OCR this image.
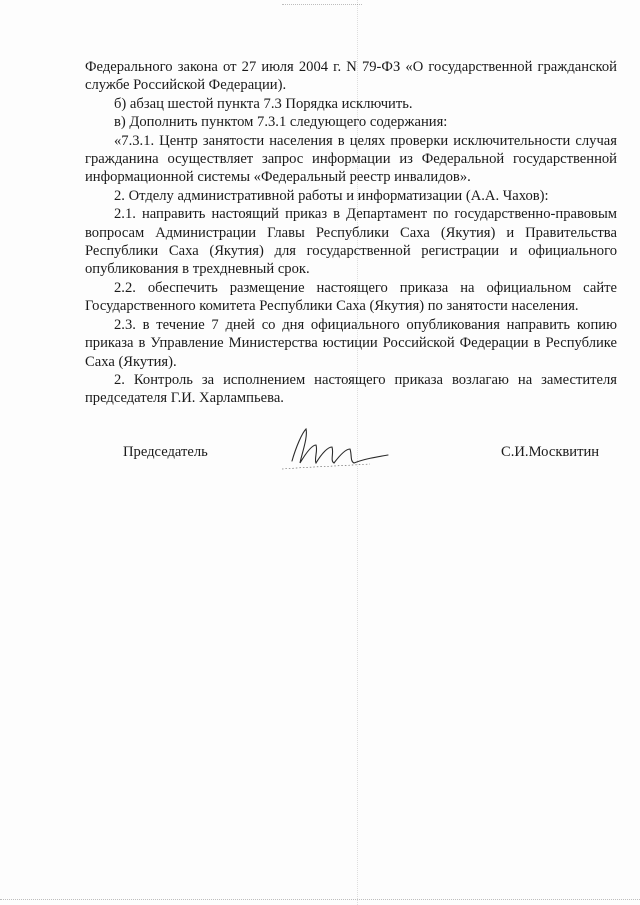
Федерального закона от 27 июля 2004 г. N 79-ФЗ «О государственной гражданской службе Российской Федерации).

б) абзац шестой пункта 7.3 Порядка исключить.

в) Дополнить пунктом 7.3.1 следующего содержания:

«7.3.1. Центр занятости населения в целях проверки исключительности случая гражданина осуществляет запрос информации из Федеральной государственной информационной системы «Федеральный реестр инвалидов».

2. Отделу административной работы и информатизации (А.А. Чахов):

2.1. направить настоящий приказ в Департамент по государственно-правовым вопросам Администрации Главы Республики Саха (Якутия) и Правительства Республики Саха (Якутия) для государственной регистрации и официального опубликования в трехдневный срок.

2.2. обеспечить размещение настоящего приказа на официальном сайте Государственного комитета Республики Саха (Якутия) по занятости населения.

2.3. в течение 7 дней со дня официального опубликования направить копию приказа в Управление Министерства юстиции Российской Федерации в Республике Саха (Якутия).

2. Контроль за исполнением настоящего приказа возлагаю на заместителя председателя Г.И. Харлампьева.

Председатель	С.И.Москвитин
